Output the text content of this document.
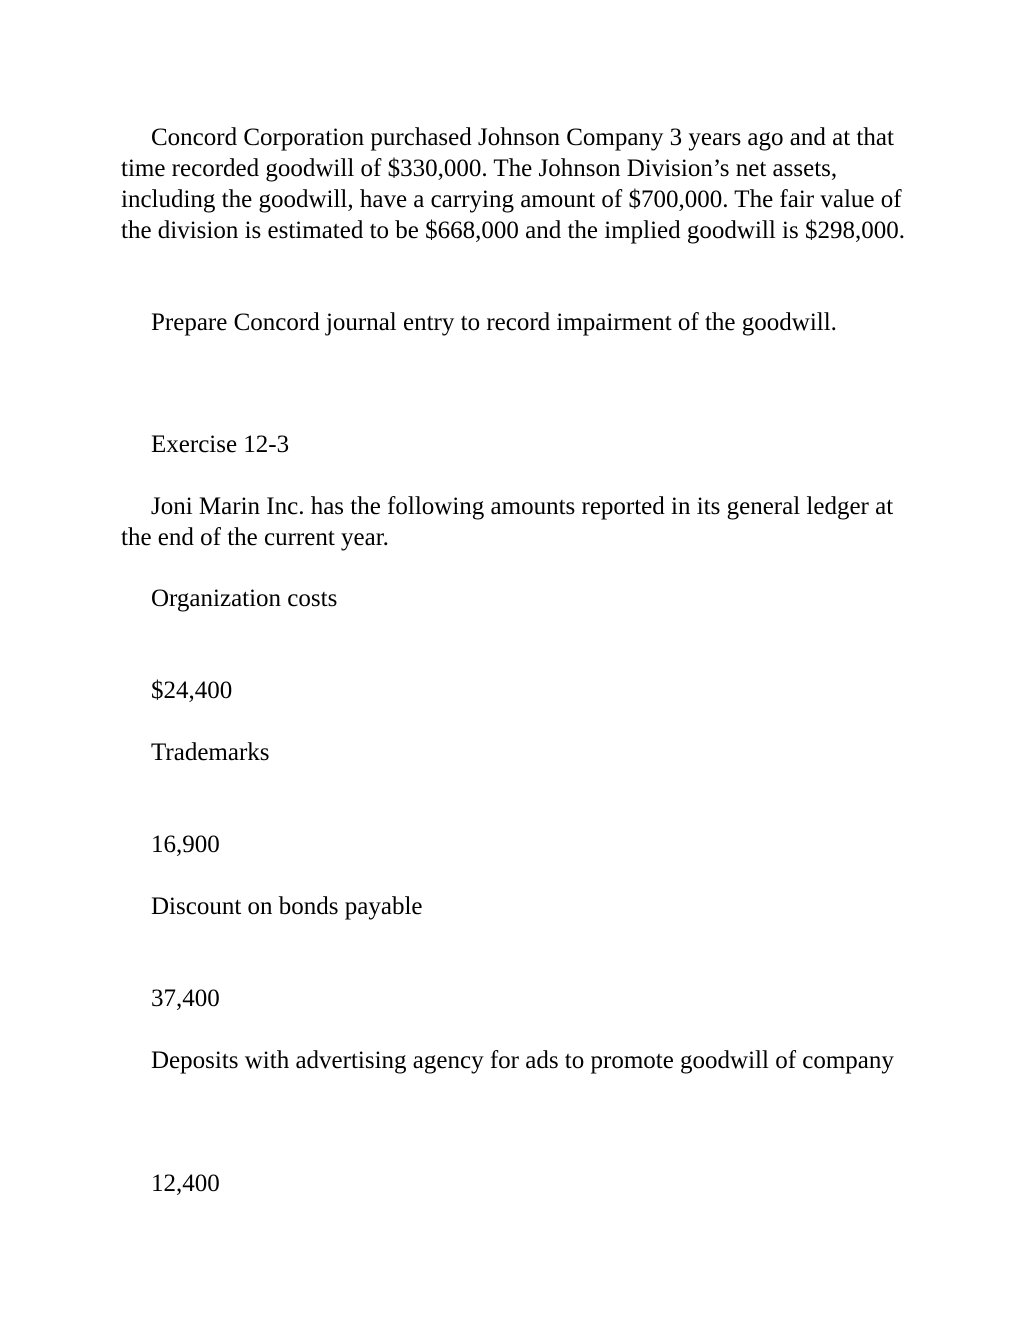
Concord Corporation purchased Johnson Company 3 years ago and at that time recorded goodwill of $330,000. The Johnson Division’s net assets, including the goodwill, have a carrying amount of $700,000. The fair value of the division is estimated to be $668,000 and the implied goodwill is $298,000.

Prepare Concord journal entry to record impairment of the goodwill.

Exercise 12-3

Joni Marin Inc. has the following amounts reported in its general ledger at the end of the current year.

Organization costs

$24,400

Trademarks

16,900

Discount on bonds payable

37,400

Deposits with advertising agency for ads to promote goodwill of company

12,400
